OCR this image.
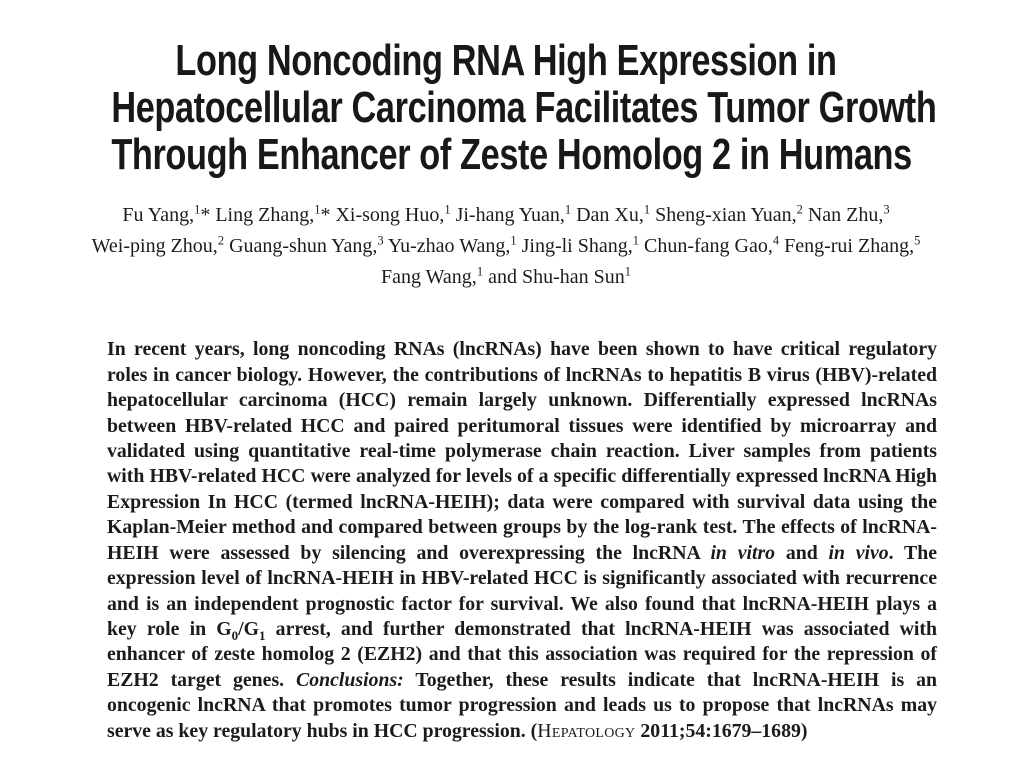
Long Noncoding RNA High Expression in
Hepatocellular Carcinoma Facilitates Tumor Growth
Through Enhancer of Zeste Homolog 2 in Humans
Fu Yang,$^1$* Ling Zhang,$^1$* Xi-song Huo,$^1$ Ji-hang Yuan,$^1$ Dan Xu,$^1$ Sheng-xian Yuan,$^2$ Nan Zhu,$^3$
Wei-ping Zhou,$^2$ Guang-shun Yang,$^3$ Yu-zhao Wang,$^1$ Jing-li Shang,$^1$ Chun-fang Gao,$^4$ Feng-rui Zhang,$^5$
Fang Wang,$^1$ and Shu-han Sun$^1$

In recent years, long noncoding RNAs (lncRNAs) have been shown to have critical regulatory roles in cancer biology. However, the contributions of lncRNAs to hepatitis B virus (HBV)-related hepatocellular carcinoma (HCC) remain largely unknown. Differentially expressed lncRNAs between HBV-related HCC and paired peritumoral tissues were identified by microarray and validated using quantitative real-time polymerase chain reaction. Liver samples from patients with HBV-related HCC were analyzed for levels of a specific differentially expressed lncRNA High Expression In HCC (termed lncRNA-HEIH); data were compared with survival data using the Kaplan-Meier method and compared between groups by the log-rank test. The effects of lncRNA-HEIH were assessed by silencing and overexpressing the lncRNA in vitro and in vivo. The expression level of lncRNA-HEIH in HBV-related HCC is significantly associated with recurrence and is an independent prognostic factor for survival. We also found that lncRNA-HEIH plays a key role in $G_0/G_1$ arrest, and further demonstrated that lncRNA-HEIH was associated with enhancer of zeste homolog 2 (EZH2) and that this association was required for the repression of EZH2 target genes. Conclusions: Together, these results indicate that lncRNA-HEIH is an oncogenic lncRNA that promotes tumor progression and leads us to propose that lncRNAs may serve as key regulatory hubs in HCC progression. (Hepatology 2011;54:1679–1689)
